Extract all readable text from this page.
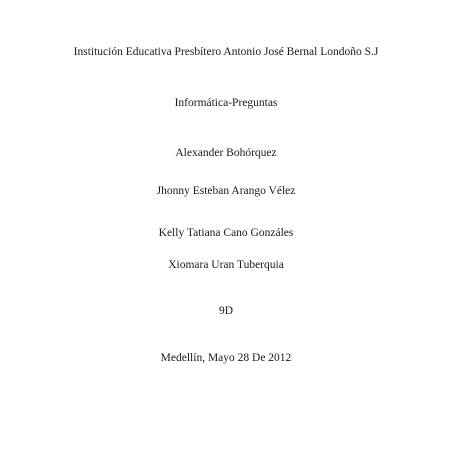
Institución Educativa Presbítero Antonio José Bernal Londoño S.J
Informática-Preguntas
Alexander Bohórquez
Jhonny Esteban Arango Vélez
Kelly Tatiana Cano Gonzáles
Xiomara Uran Tuberquia
9D
Medellín, Mayo 28 De 2012
